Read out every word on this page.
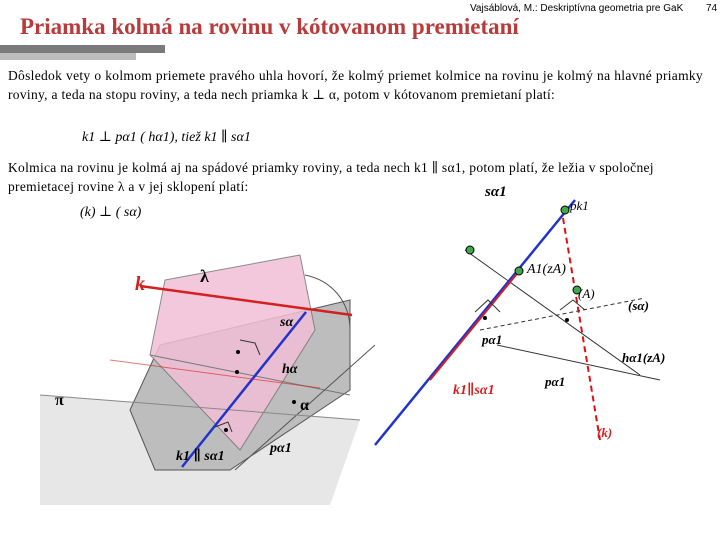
Vajsáblová, M.: Deskriptívna geometria pre GaK 74
Priamka kolmá na rovinu v kótovanom premietaní
Dôsledok vety o kolmom priemete pravého uhla hovorí, že kolmý priemet kolmice na rovinu je kolmý na hlavné priamky roviny, a teda na stopu roviny, a teda nech priamka k ⊥ α, potom v kótovanom premietaní platí:
k1 ⊥ pα1 ( hα1), tiež k1 ∥ sα1
Kolmica na rovinu je kolmá aj na spádové priamky roviny, a teda nech k1 ∥ sα1, potom platí, že ležia v spoločnej premietacej rovine λ a v jej sklopení platí:
(k) ⊥ ( sα)
k	λ
sα
hα
π	α
k1 ∥ sα1
pα1
sα1
pk1
A1(zA)
(A)
(sα)
pα1
hα1(zA)
k1∥sα1
pα1
(k)
